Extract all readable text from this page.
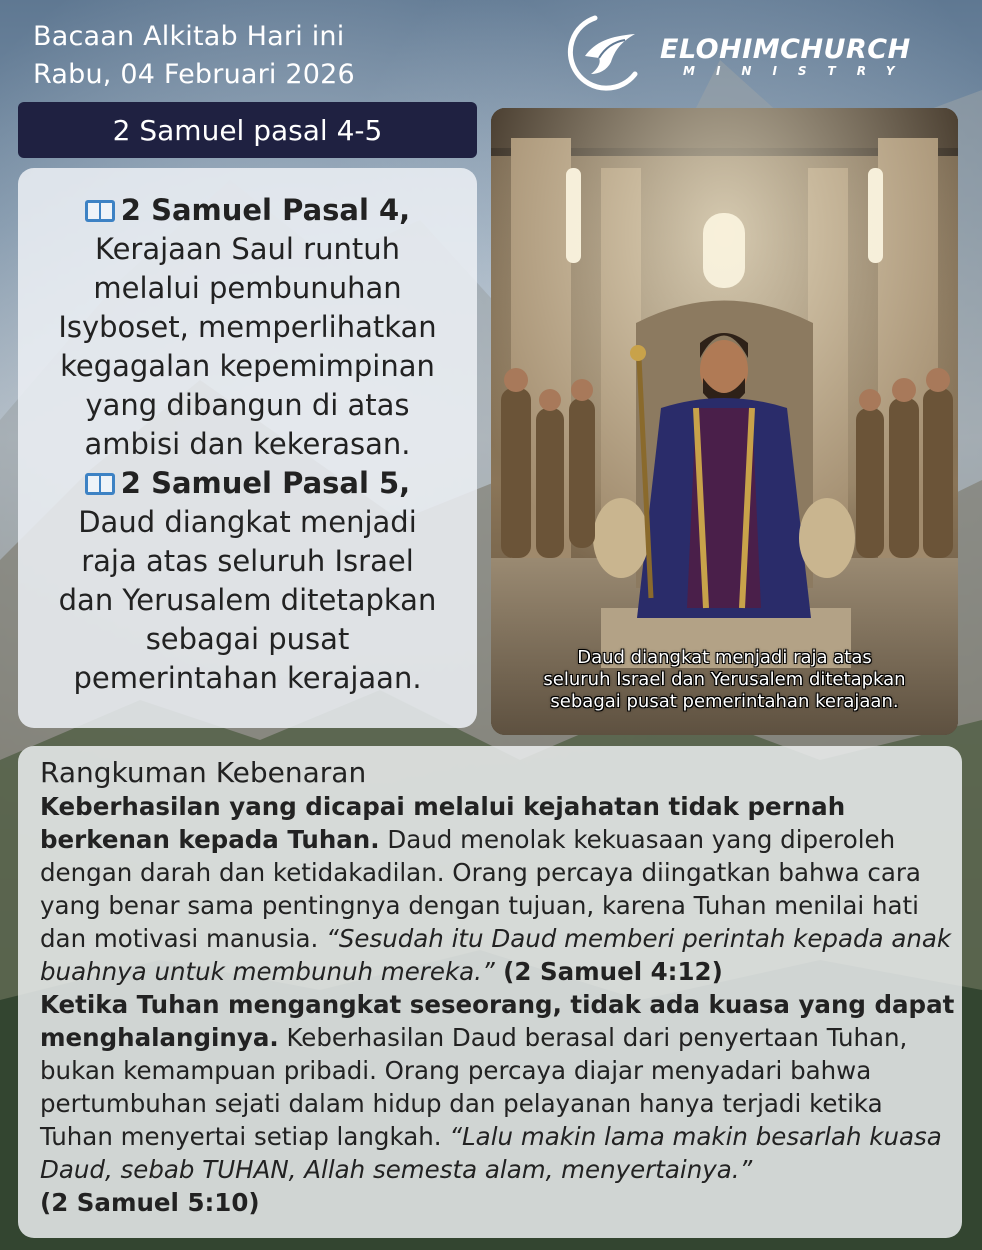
Bacaan Alkitab Hari ini
Rabu, 04 Februari 2026
ELOHIMCHURCH
MINISTRY
2 Samuel pasal 4-5
2 Samuel Pasal 4,
Kerajaan Saul runtuh
melalui pembunuhan
Isyboset, memperlihatkan
kegagalan kepemimpinan
yang dibangun di atas
ambisi dan kekerasan.
2 Samuel Pasal 5,
Daud diangkat menjadi
raja atas seluruh Israel
dan Yerusalem ditetapkan
sebagai pusat
pemerintahan kerajaan.
Daud diangkat menjadi raja atas
seluruh Israel dan Yerusalem ditetapkan
sebagai pusat pemerintahan kerajaan.
Rangkuman Kebenaran

Keberhasilan yang dicapai melalui kejahatan tidak pernah berkenan kepada Tuhan. Daud menolak kekuasaan yang diperoleh dengan darah dan ketidakadilan. Orang percaya diingatkan bahwa cara yang benar sama pentingnya dengan tujuan, karena Tuhan menilai hati dan motivasi manusia. “Sesudah itu Daud memberi perintah kepada anak buahnya untuk membunuh mereka.” (2 Samuel 4:12)

Ketika Tuhan mengangkat seseorang, tidak ada kuasa yang dapat menghalanginya. Keberhasilan Daud berasal dari penyertaan Tuhan, bukan kemampuan pribadi. Orang percaya diajar menyadari bahwa pertumbuhan sejati dalam hidup dan pelayanan hanya terjadi ketika Tuhan menyertai setiap langkah. “Lalu makin lama makin besarlah kuasa Daud, sebab TUHAN, Allah semesta alam, menyertainya.”
(2 Samuel 5:10)
